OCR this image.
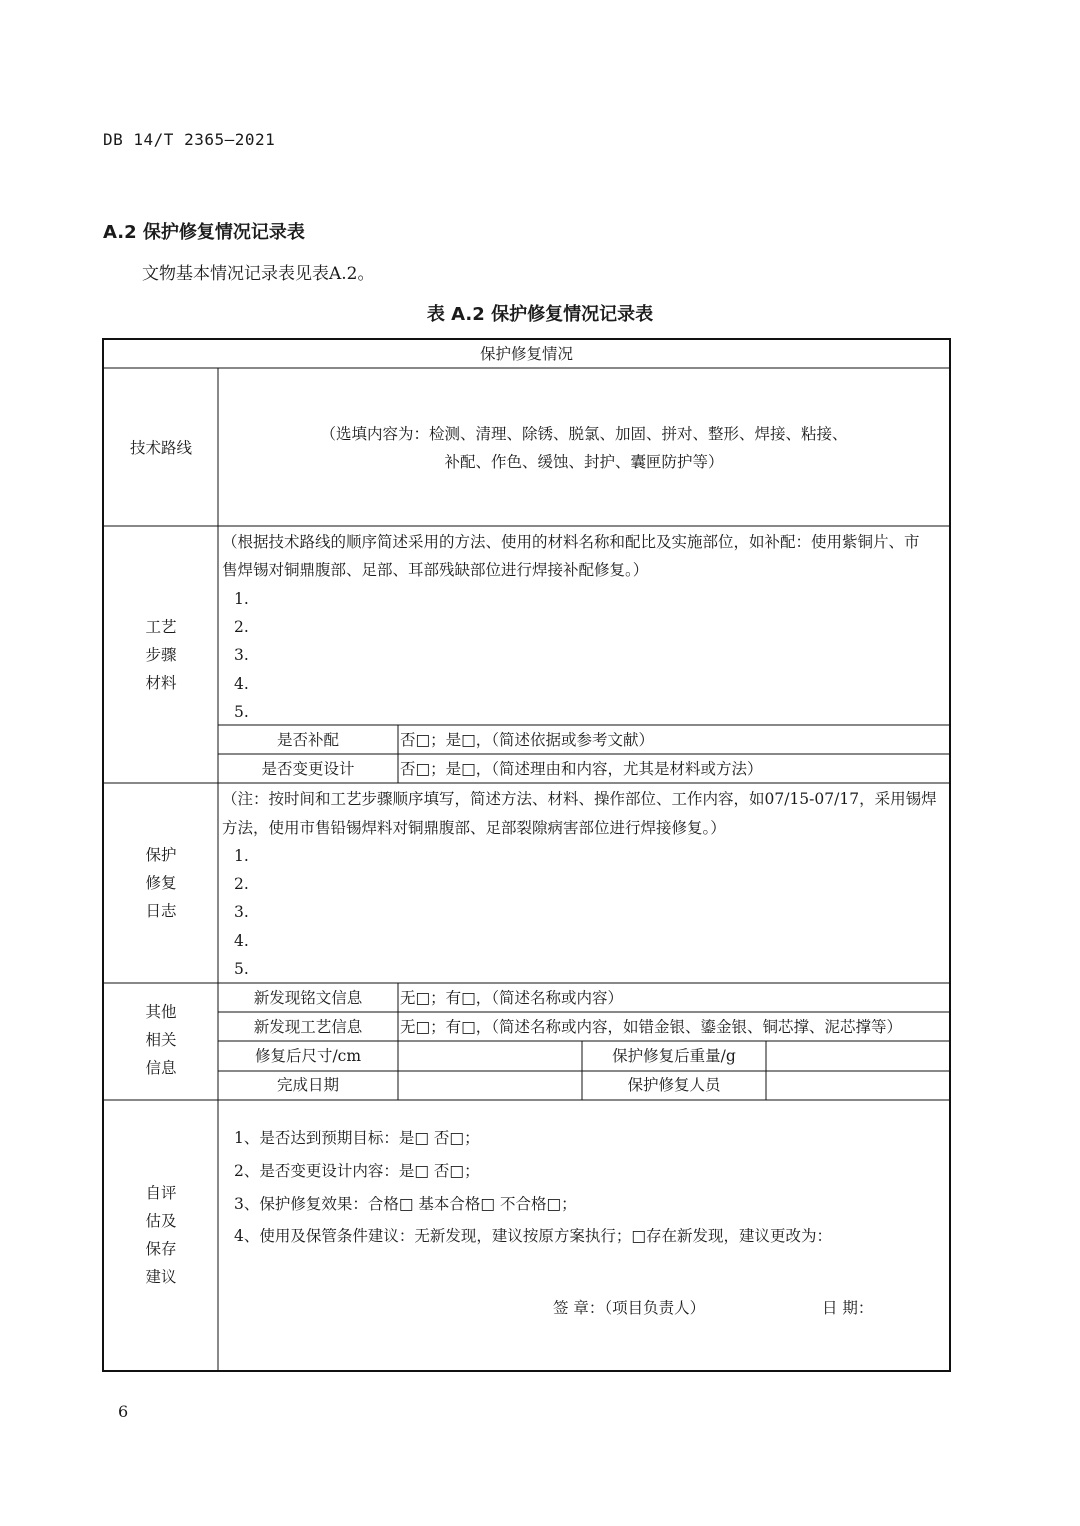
DB 14/T 2365—2021
A.2 保护修复情况记录表
文物基本情况记录表见表A.2。
表 A.2 保护修复情况记录表
保护修复情况
技术路线
（选填内容为：检测、清理、除锈、脱氯、加固、拼对、整形、焊接、粘接、
补配、作色、缓蚀、封护、囊匣防护等）
工艺
步骤
材料
（根据技术路线的顺序简述采用的方法、使用的材料名称和配比及实施部位，如补配：使用紫铜片、市
售焊锡对铜鼎腹部、足部、耳部残缺部位进行焊接补配修复。）
1.
2.
3.
4.
5.
是否补配	否□；是□，（简述依据或参考文献）
是否变更设计	否□；是□，（简述理由和内容，尤其是材料或方法）
保护
修复
日志
（注：按时间和工艺步骤顺序填写，简述方法、材料、操作部位、工作内容，如07/15-07/17，采用锡焊
方法，使用市售铅锡焊料对铜鼎腹部、足部裂隙病害部位进行焊接修复。）
1.
2.
3.
4.
5.
其他
相关
信息
新发现铭文信息	无□；有□，（简述名称或内容）
新发现工艺信息	无□；有□，（简述名称或内容，如错金银、鎏金银、铜芯撑、泥芯撑等）
修复后尺寸/cm	保护修复后重量/g
完成日期	保护修复人员
自评
估及
保存
建议
1、是否达到预期目标：是□ 否□；
2、是否变更设计内容：是□ 否□；
3、保护修复效果：合格□ 基本合格□ 不合格□；
4、使用及保管条件建议：无新发现，建议按原方案执行；□存在新发现，建议更改为：
签 章：（项目负责人）	日 期：
6
